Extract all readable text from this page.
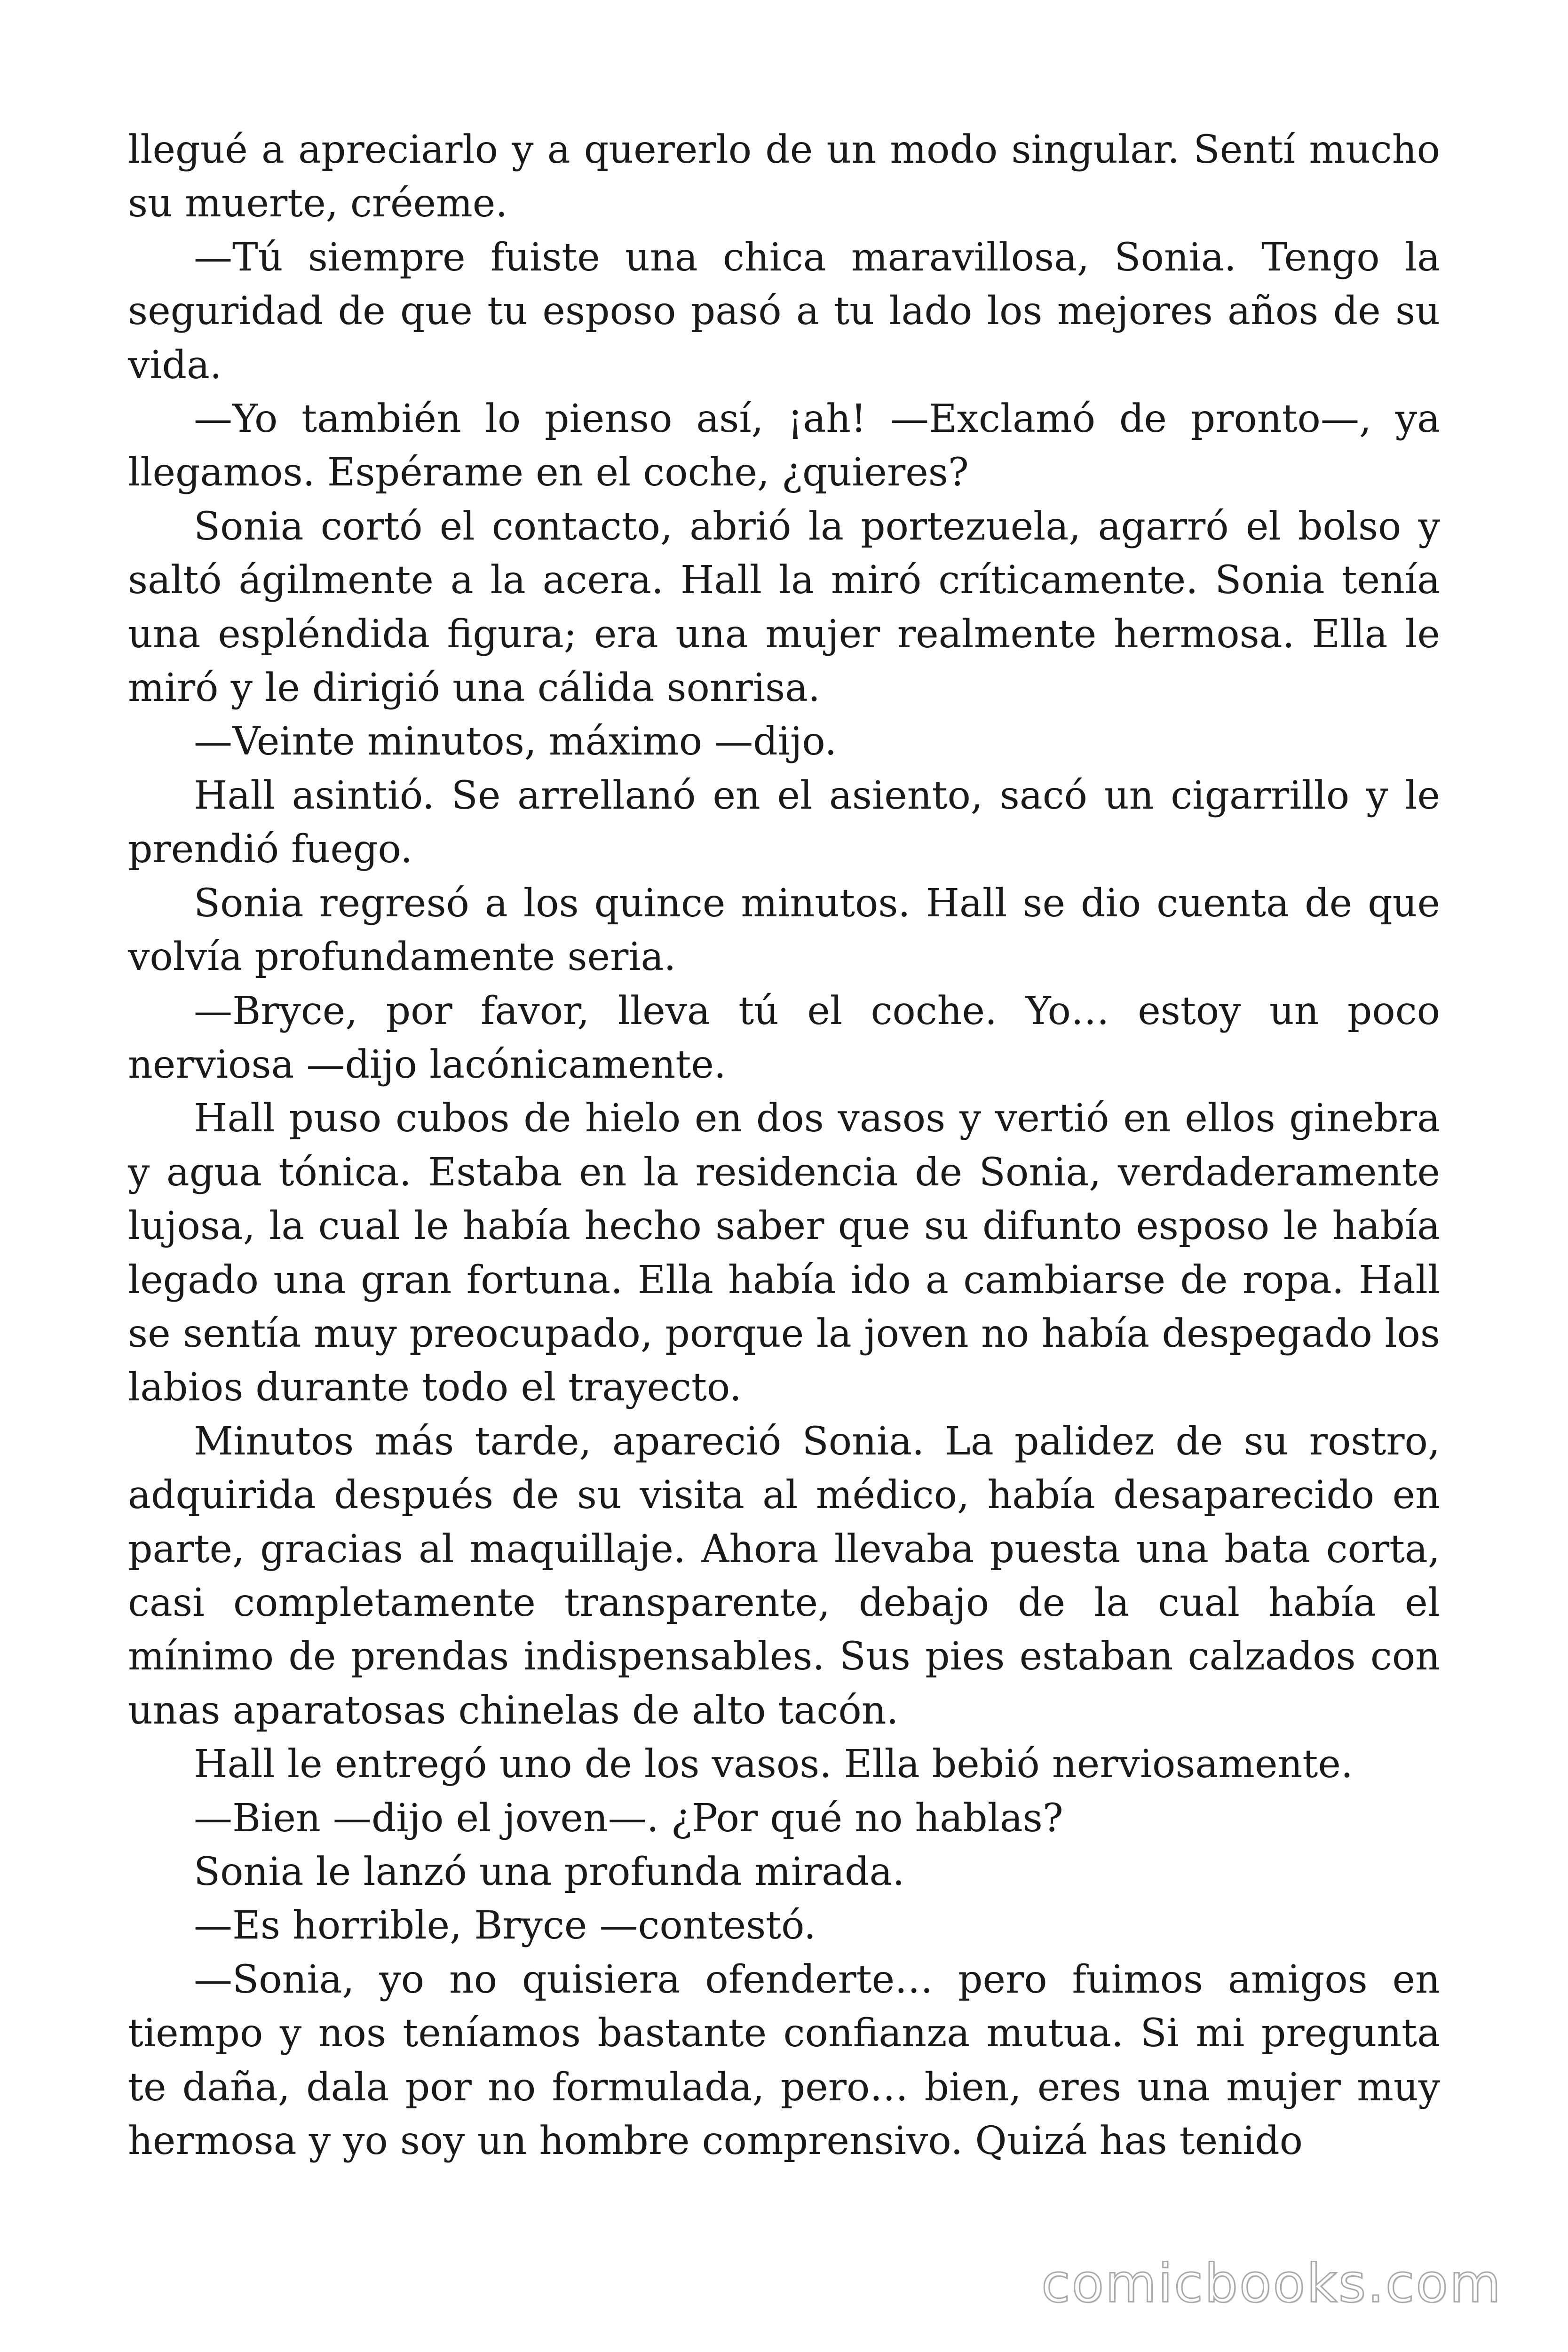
llegué a apreciarlo y a quererlo de un modo singular. Sentí mucho su muerte, créeme.

—Tú siempre fuiste una chica maravillosa, Sonia. Tengo la seguridad de que tu esposo pasó a tu lado los mejores años de su vida.

—Yo también lo pienso así, ¡ah! —Exclamó de pronto—, ya llegamos. Espérame en el coche, ¿quieres?

Sonia cortó el contacto, abrió la portezuela, agarró el bolso y saltó ágilmente a la acera. Hall la miró críticamente. Sonia tenía una espléndida figura; era una mujer realmente hermosa. Ella le miró y le dirigió una cálida sonrisa.

—Veinte minutos, máximo —dijo.

Hall asintió. Se arrellanó en el asiento, sacó un cigarrillo y le prendió fuego.

Sonia regresó a los quince minutos. Hall se dio cuenta de que volvía profundamente seria.

—Bryce, por favor, lleva tú el coche. Yo… estoy un poco nerviosa —dijo lacónicamente.

Hall puso cubos de hielo en dos vasos y vertió en ellos ginebra y agua tónica. Estaba en la residencia de Sonia, verdaderamente lujosa, la cual le había hecho saber que su difunto esposo le había legado una gran fortuna. Ella había ido a cambiarse de ropa. Hall se sentía muy preocupado, porque la joven no había despegado los labios durante todo el trayecto.

Minutos más tarde, apareció Sonia. La palidez de su rostro, adquirida después de su visita al médico, había desaparecido en parte, gracias al maquillaje. Ahora llevaba puesta una bata corta, casi completamente transparente, debajo de la cual había el mínimo de prendas indispensables. Sus pies estaban calzados con unas aparatosas chinelas de alto tacón.

Hall le entregó uno de los vasos. Ella bebió nerviosamente.

—Bien —dijo el joven—. ¿Por qué no hablas?

Sonia le lanzó una profunda mirada.

—Es horrible, Bryce —contestó.

—Sonia, yo no quisiera ofenderte… pero fuimos amigos en tiempo y nos teníamos bastante confianza mutua. Si mi pregunta te daña, dala por no formulada, pero… bien, eres una mujer muy hermosa y yo soy un hombre comprensivo. Quizá has tenido

comicbooks.com
